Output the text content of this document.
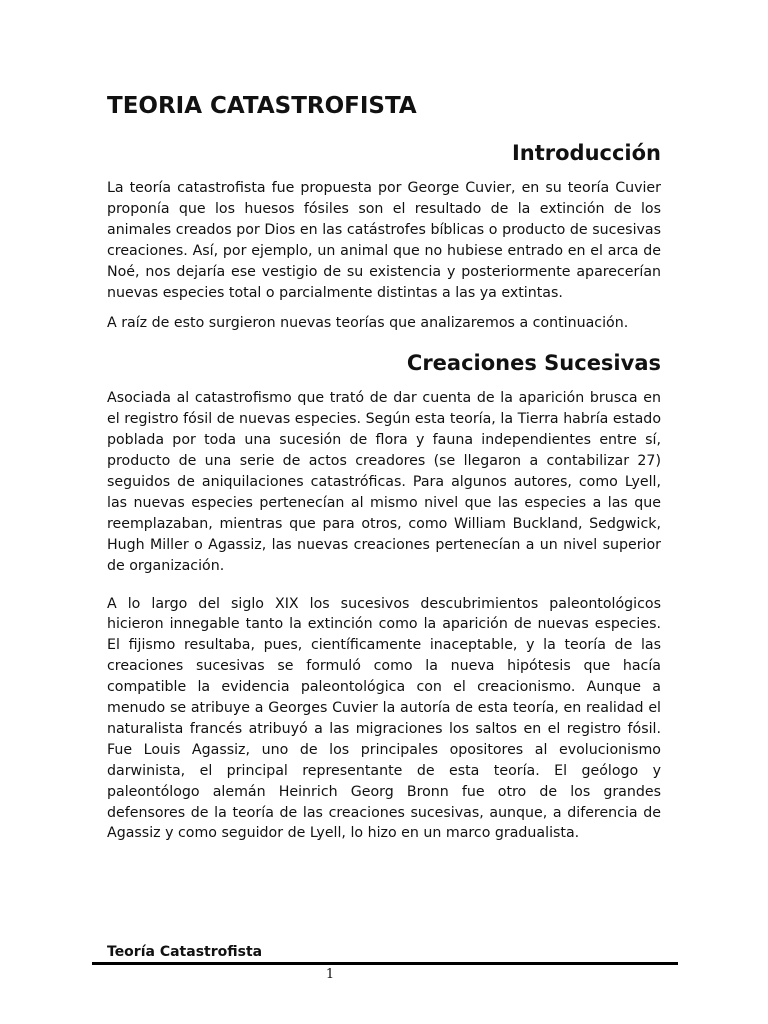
TEORIA CATASTROFISTA
Introducción

La teoría catastrofista fue propuesta por George Cuvier, en su teoría Cuvier proponía que los huesos fósiles son el resultado de la extinción de los animales creados por Dios en las catástrofes bíblicas o producto de sucesivas creaciones. Así, por ejemplo, un animal que no hubiese entrado en el arca de Noé, nos dejaría ese vestigio de su existencia y posteriormente aparecerían nuevas especies total o parcialmente distintas a las ya extintas.

A raíz de esto surgieron nuevas teorías que analizaremos a continuación.

Creaciones Sucesivas

Asociada al catastrofismo que trató de dar cuenta de la aparición brusca en el registro fósil de nuevas especies. Según esta teoría, la Tierra habría estado poblada por toda una sucesión de flora y fauna independientes entre sí, producto de una serie de actos creadores (se llegaron a contabilizar 27) seguidos de aniquilaciones catastróficas. Para algunos autores, como Lyell, las nuevas especies pertenecían al mismo nivel que las especies a las que reemplazaban, mientras que para otros, como William Buckland, Sedgwick, Hugh Miller o Agassiz, las nuevas creaciones pertenecían a un nivel superior de organización.

A lo largo del siglo XIX los sucesivos descubrimientos paleontológicos hicieron innegable tanto la extinción como la aparición de nuevas especies. El fijismo resultaba, pues, científicamente inaceptable, y la teoría de las creaciones sucesivas se formuló como la nueva hipótesis que hacía compatible la evidencia paleontológica con el creacionismo. Aunque a menudo se atribuye a Georges Cuvier la autoría de esta teoría, en realidad el naturalista francés atribuyó a las migraciones los saltos en el registro fósil. Fue Louis Agassiz, uno de los principales opositores al evolucionismo darwinista, el principal representante de esta teoría. El geólogo y paleontólogo alemán Heinrich Georg Bronn fue otro de los grandes defensores de la teoría de las creaciones sucesivas, aunque, a diferencia de Agassiz y como seguidor de Lyell, lo hizo en un marco gradualista.

Teoría Catastrofista
1
